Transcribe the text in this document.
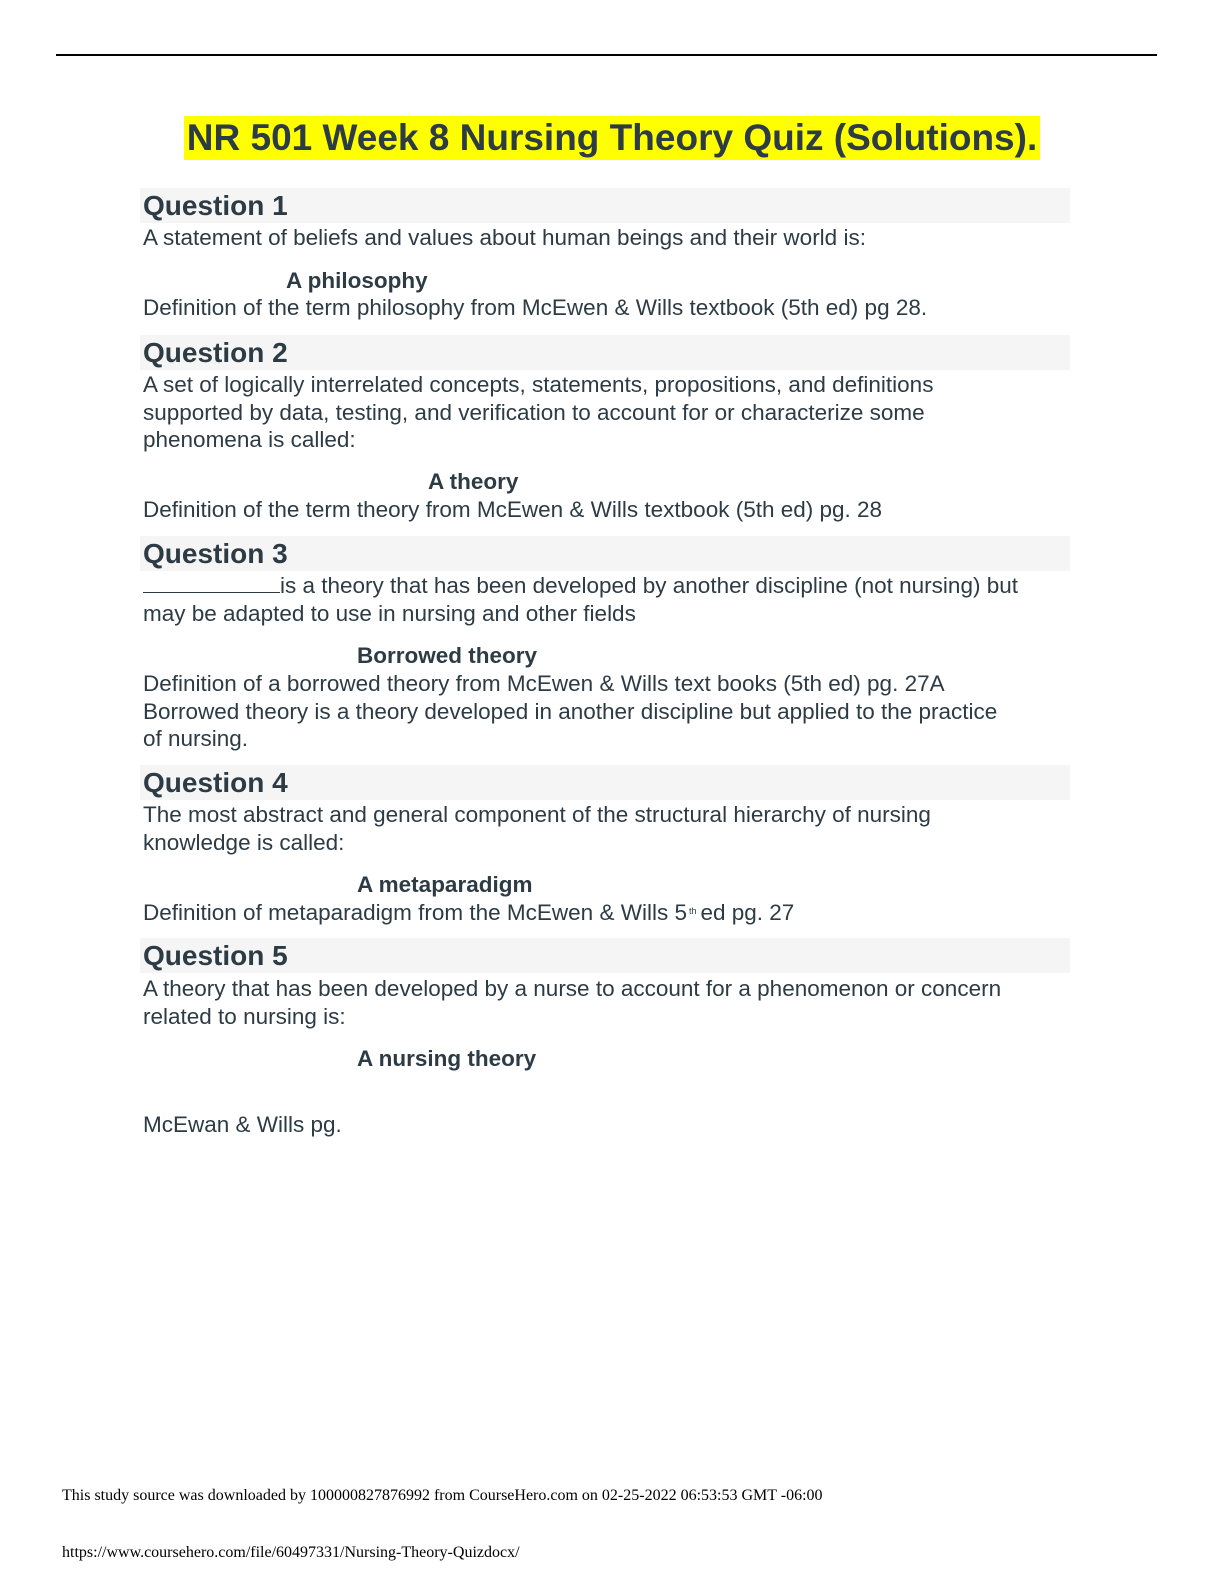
NR 501 Week 8 Nursing Theory Quiz (Solutions).
Question 1
A statement of beliefs and values about human beings and their world is:
A philosophy
Definition of the term philosophy from McEwen & Wills textbook (5th ed) pg 28.
Question 2
A set of logically interrelated concepts, statements, propositions, and definitions
supported by data, testing, and verification to account for or characterize some
phenomena is called:
A theory
Definition of the term theory from McEwen & Wills textbook (5th ed) pg. 28
Question 3
is a theory that has been developed by another discipline (not nursing) but
may be adapted to use in nursing and other fields
Borrowed theory
Definition of a borrowed theory from McEwen & Wills text books (5th ed) pg. 27A
Borrowed theory is a theory developed in another discipline but applied to the practice
of nursing.
Question 4
The most abstract and general component of the structural hierarchy of nursing
knowledge is called:
A metaparadigm
Definition of metaparadigm from the McEwen & Wills 5 $^{th}$ ed pg. 27
Question 5
A theory that has been developed by a nurse to account for a phenomenon or concern
related to nursing is:
A nursing theory
McEwan & Wills pg.
This study source was downloaded by 100000827876992 from CourseHero.com on 02-25-2022 06:53:53 GMT -06:00
https://www.coursehero.com/file/60497331/Nursing-Theory-Quizdocx/
